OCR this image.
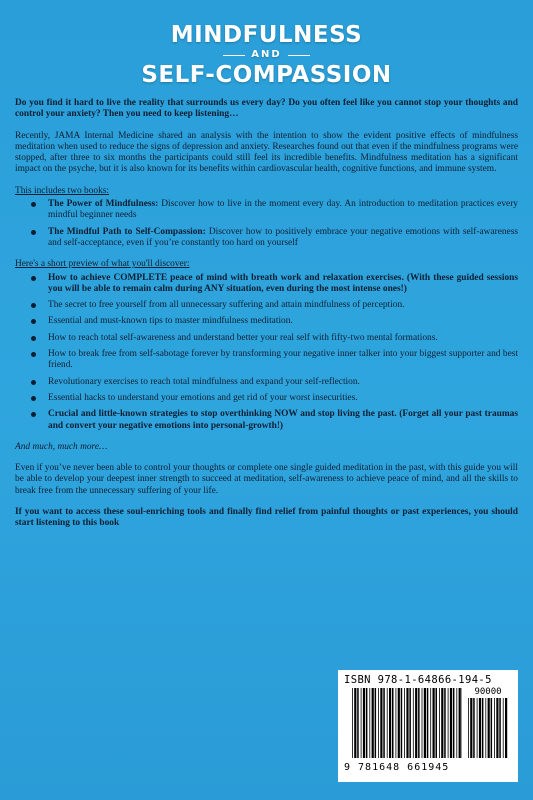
MINDFULNESS
AND
SELF-COMPASSION

Do you find it hard to live the reality that surrounds us every day? Do you often feel like you cannot stop your thoughts and control your anxiety? Then you need to keep listening…

Recently, JAMA Internal Medicine shared an analysis with the intention to show the evident positive effects of mindfulness meditation when used to reduce the signs of depression and anxiety. Researches found out that even if the mindfulness programs were stopped, after three to six months the participants could still feel its incredible benefits. Mindfulness meditation has a significant impact on the psyche, but it is also known for its benefits within cardiovascular health, cognitive functions, and immune system.

This includes two books:

The Power of Mindfulness: Discover how to live in the moment every day. An introduction to meditation practices every mindful beginner needs
The Mindful Path to Self-Compassion: Discover how to positively embrace your negative emotions with self-awareness and self-acceptance, even if you’re constantly too hard on yourself

Here's a short preview of what you'll discover:

How to achieve COMPLETE peace of mind with breath work and relaxation exercises. (With these guided sessions you will be able to remain calm during ANY situation, even during the most intense ones!)
The secret to free yourself from all unnecessary suffering and attain mindfulness of perception.
Essential and must-known tips to master mindfulness meditation.
How to reach total self-awareness and understand better your real self with fifty-two mental formations.
How to break free from self-sabotage forever by transforming your negative inner talker into your biggest supporter and best friend.
Revolutionary exercises to reach total mindfulness and expand your self-reflection.
Essential hacks to understand your emotions and get rid of your worst insecurities.
Crucial and little-known strategies to stop overthinking NOW and stop living the past. (Forget all your past traumas and convert your negative emotions into personal-growth!)

And much, much more…

Even if you’ve never been able to control your thoughts or complete one single guided meditation in the past, with this guide you will be able to develop your deepest inner strength to succeed at meditation, self-awareness to achieve peace of mind, and all the skills to break free from the unnecessary suffering of your life.

If you want to access these soul-enriching tools and finally find relief from painful thoughts or past experiences, you should start listening to this book

ISBN 978-1-64866-194-5
90000
9 781648 661945
